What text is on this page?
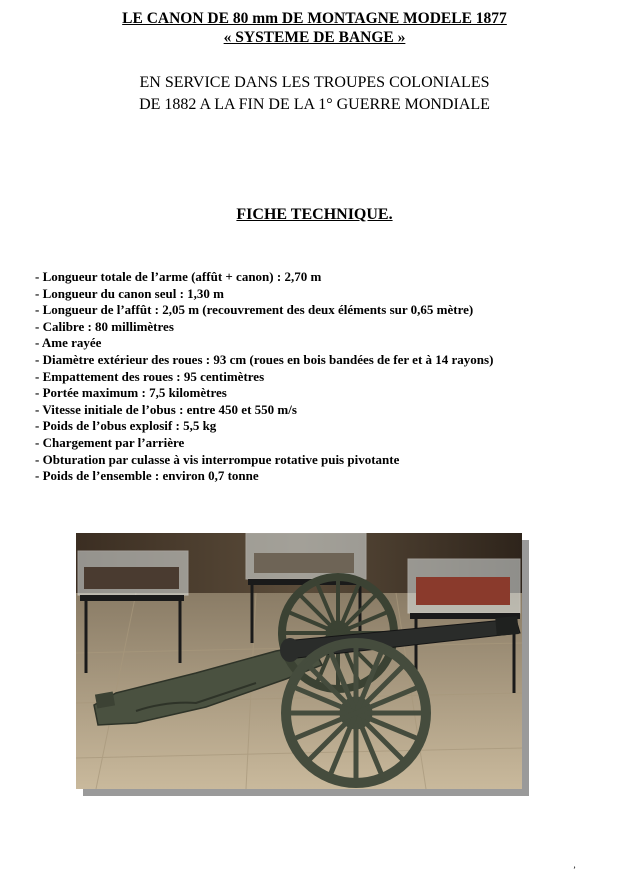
LE CANON DE 80 mm DE MONTAGNE MODELE 1877
« SYSTEME DE BANGE »
EN SERVICE DANS LES TROUPES COLONIALES
DE 1882 A LA FIN DE LA 1° GUERRE MONDIALE
FICHE TECHNIQUE.
- Longueur totale de l’arme (affût + canon) : 2,70 m
- Longueur du canon seul : 1,30 m
- Longueur de l’affût : 2,05 m (recouvrement des deux éléments sur 0,65 mètre)
- Calibre : 80 millimètres
- Ame rayée
- Diamètre extérieur des roues : 93 cm (roues en bois bandées de fer et à 14 rayons)
- Empattement des roues : 95 centimètres
- Portée maximum : 7,5 kilomètres
- Vitesse initiale de l’obus : entre 450 et 550 m/s
- Poids de l’obus explosif : 5,5 kg
- Chargement par l’arrière
- Obturation par culasse à vis interrompue rotative puis pivotante
- Poids de l’ensemble : environ 0,7 tonne
’
